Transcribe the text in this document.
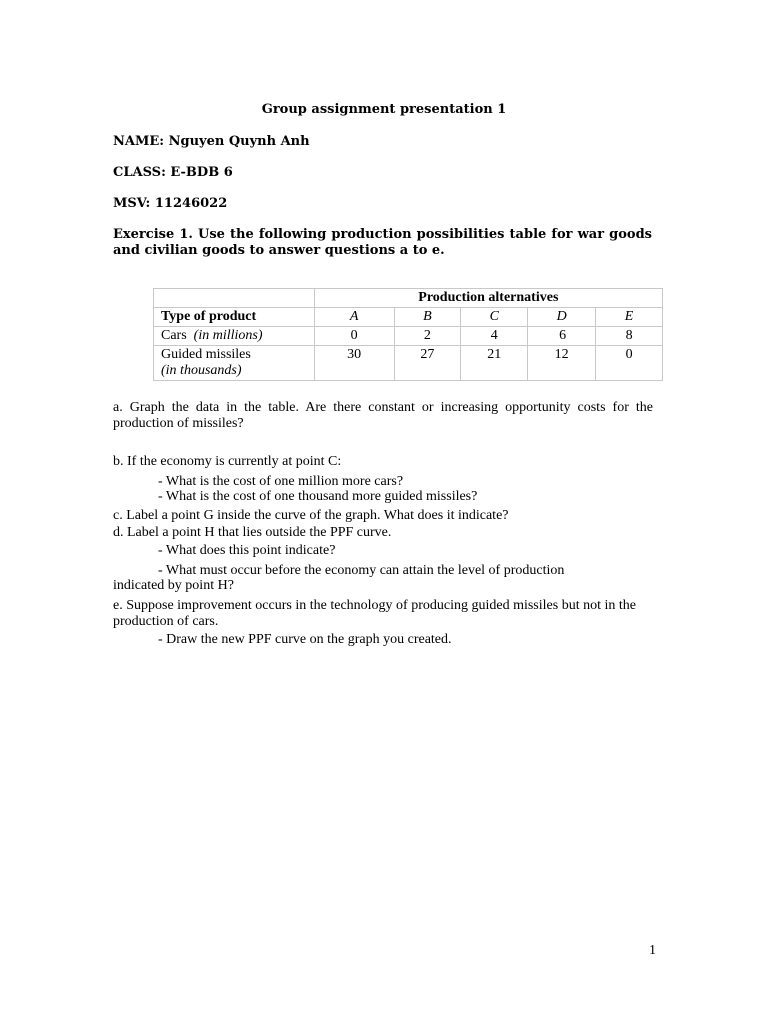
Group assignment presentation 1
NAME: Nguyen Quynh Anh
CLASS: E-BDB 6
MSV: 11246022
Exercise 1. Use the following production possibilities table for war goods and civilian goods to answer questions a to e.
	Production alternatives				
Type of product	A	B	C	D	E
Cars (in millions)	0	2	4	6	8
Guided missiles
(in thousands)	30	27	21	12	0
a. Graph the data in the table. Are there constant or increasing opportunity costs for the production of missiles?
b. If the economy is currently at point C:
- What is the cost of one million more cars?
- What is the cost of one thousand more guided missiles?
c. Label a point G inside the curve of the graph. What does it indicate?
d. Label a point H that lies outside the PPF curve.
- What does this point indicate?
- What must occur before the economy can attain the level of production
indicated by point H?
e. Suppose improvement occurs in the technology of producing guided missiles but not in the production of cars.
- Draw the new PPF curve on the graph you created.
1
